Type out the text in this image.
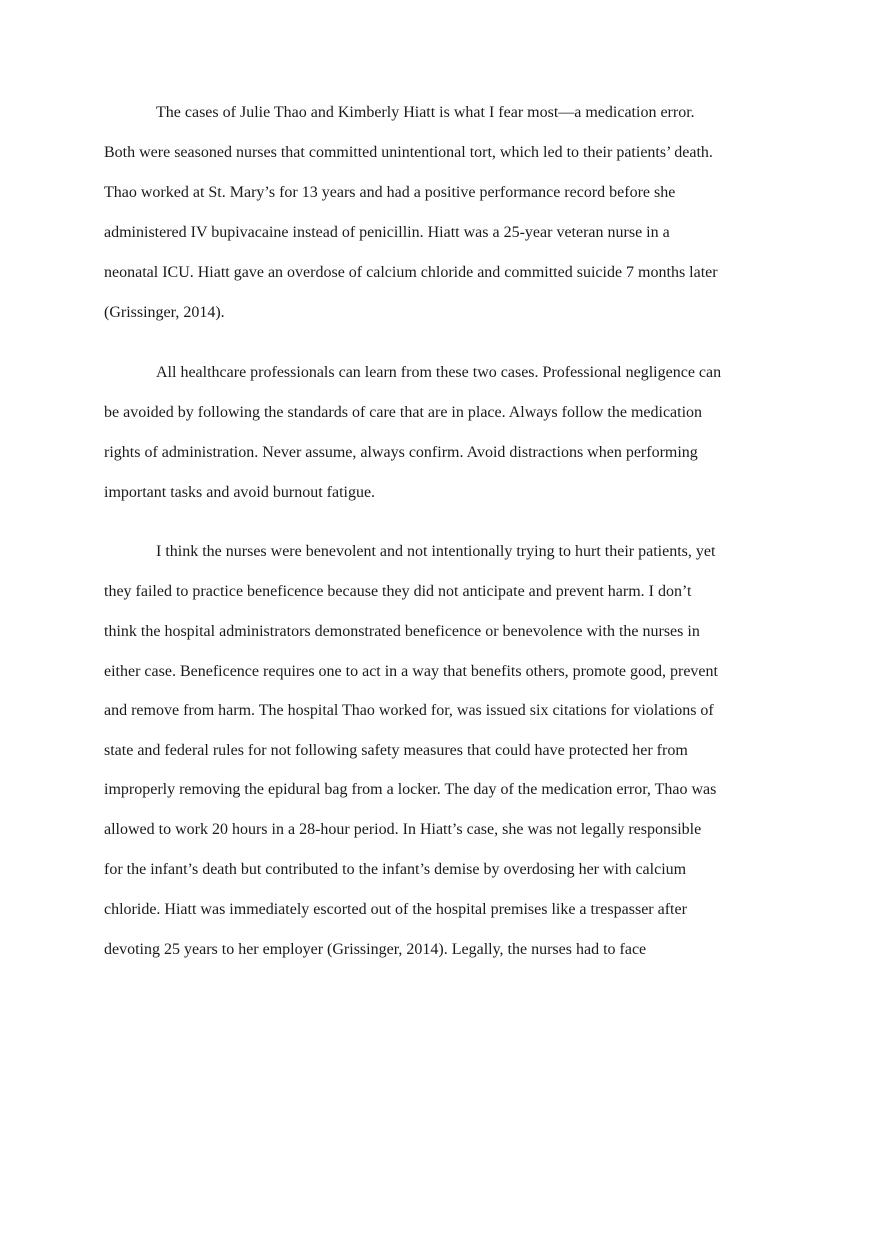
The cases of Julie Thao and Kimberly Hiatt is what I fear most—a medication error.
Both were seasoned nurses that committed unintentional tort, which led to their patients’ death.
Thao worked at St. Mary’s for 13 years and had a positive performance record before she
administered IV bupivacaine instead of penicillin. Hiatt was a 25-year veteran nurse in a
neonatal ICU. Hiatt gave an overdose of calcium chloride and committed suicide 7 months later
(Grissinger, 2014).
All healthcare professionals can learn from these two cases. Professional negligence can
be avoided by following the standards of care that are in place. Always follow the medication
rights of administration. Never assume, always confirm. Avoid distractions when performing
important tasks and avoid burnout fatigue.
I think the nurses were benevolent and not intentionally trying to hurt their patients, yet
they failed to practice beneficence because they did not anticipate and prevent harm. I don’t
think the hospital administrators demonstrated beneficence or benevolence with the nurses in
either case. Beneficence requires one to act in a way that benefits others, promote good, prevent
and remove from harm. The hospital Thao worked for, was issued six citations for violations of
state and federal rules for not following safety measures that could have protected her from
improperly removing the epidural bag from a locker. The day of the medication error, Thao was
allowed to work 20 hours in a 28-hour period. In Hiatt’s case, she was not legally responsible
for the infant’s death but contributed to the infant’s demise by overdosing her with calcium
chloride. Hiatt was immediately escorted out of the hospital premises like a trespasser after
devoting 25 years to her employer (Grissinger, 2014). Legally, the nurses had to face
